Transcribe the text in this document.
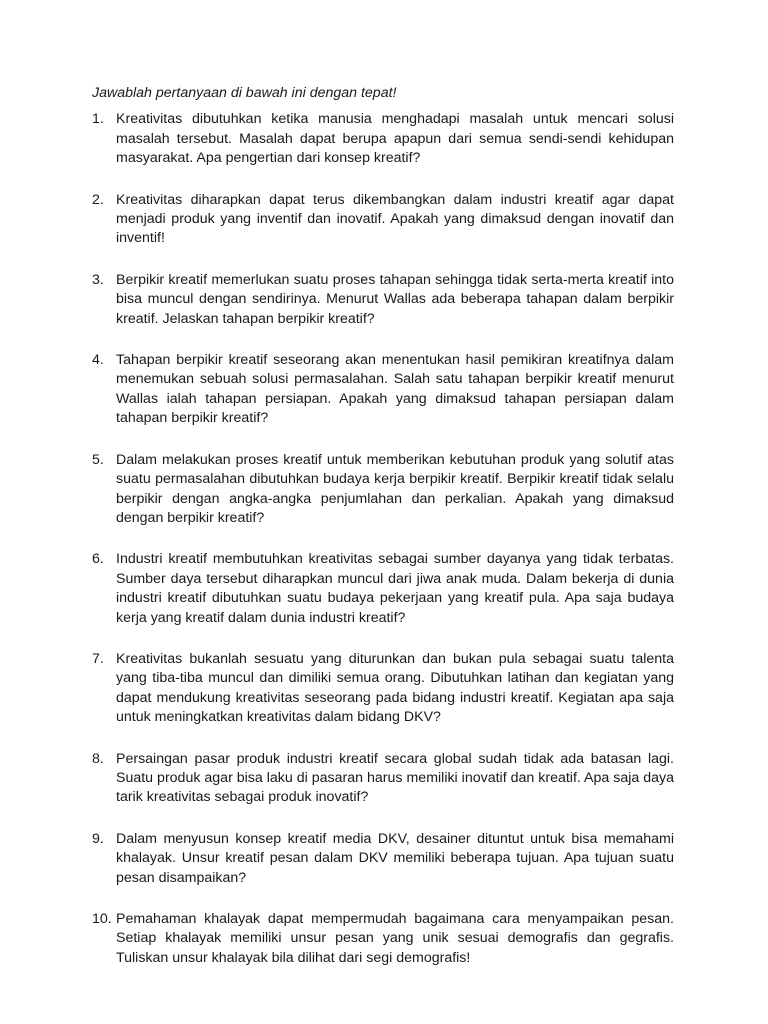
Jawablah pertanyaan di bawah ini dengan tepat!

1. Kreativitas dibutuhkan ketika manusia menghadapi masalah untuk mencari solusi masalah tersebut. Masalah dapat berupa apapun dari semua sendi-sendi kehidupan masyarakat. Apa pengertian dari konsep kreatif?
2. Kreativitas diharapkan dapat terus dikembangkan dalam industri kreatif agar dapat menjadi produk yang inventif dan inovatif. Apakah yang dimaksud dengan inovatif dan inventif!
3. Berpikir kreatif memerlukan suatu proses tahapan sehingga tidak serta-merta kreatif into bisa muncul dengan sendirinya. Menurut Wallas ada beberapa tahapan dalam berpikir kreatif. Jelaskan tahapan berpikir kreatif?
4. Tahapan berpikir kreatif seseorang akan menentukan hasil pemikiran kreatifnya dalam menemukan sebuah solusi permasalahan. Salah satu tahapan berpikir kreatif menurut Wallas ialah tahapan persiapan. Apakah yang dimaksud tahapan persiapan dalam tahapan berpikir kreatif?
5. Dalam melakukan proses kreatif untuk memberikan kebutuhan produk yang solutif atas suatu permasalahan dibutuhkan budaya kerja berpikir kreatif. Berpikir kreatif tidak selalu berpikir dengan angka-angka penjumlahan dan perkalian. Apakah yang dimaksud dengan berpikir kreatif?
6. Industri kreatif membutuhkan kreativitas sebagai sumber dayanya yang tidak terbatas. Sumber daya tersebut diharapkan muncul dari jiwa anak muda. Dalam bekerja di dunia industri kreatif dibutuhkan suatu budaya pekerjaan yang kreatif pula. Apa saja budaya kerja yang kreatif dalam dunia industri kreatif?
7. Kreativitas bukanlah sesuatu yang diturunkan dan bukan pula sebagai suatu talenta yang tiba-tiba muncul dan dimiliki semua orang. Dibutuhkan latihan dan kegiatan yang dapat mendukung kreativitas seseorang pada bidang industri kreatif. Kegiatan apa saja untuk meningkatkan kreativitas dalam bidang DKV?
8. Persaingan pasar produk industri kreatif secara global sudah tidak ada batasan lagi. Suatu produk agar bisa laku di pasaran harus memiliki inovatif dan kreatif. Apa saja daya tarik kreativitas sebagai produk inovatif?
9. Dalam menyusun konsep kreatif media DKV, desainer dituntut untuk bisa memahami khalayak. Unsur kreatif pesan dalam DKV memiliki beberapa tujuan. Apa tujuan suatu pesan disampaikan?
10. Pemahaman khalayak dapat mempermudah bagaimana cara menyampaikan pesan. Setiap khalayak memiliki unsur pesan yang unik sesuai demografis dan gegrafis. Tuliskan unsur khalayak bila dilihat dari segi demografis!
